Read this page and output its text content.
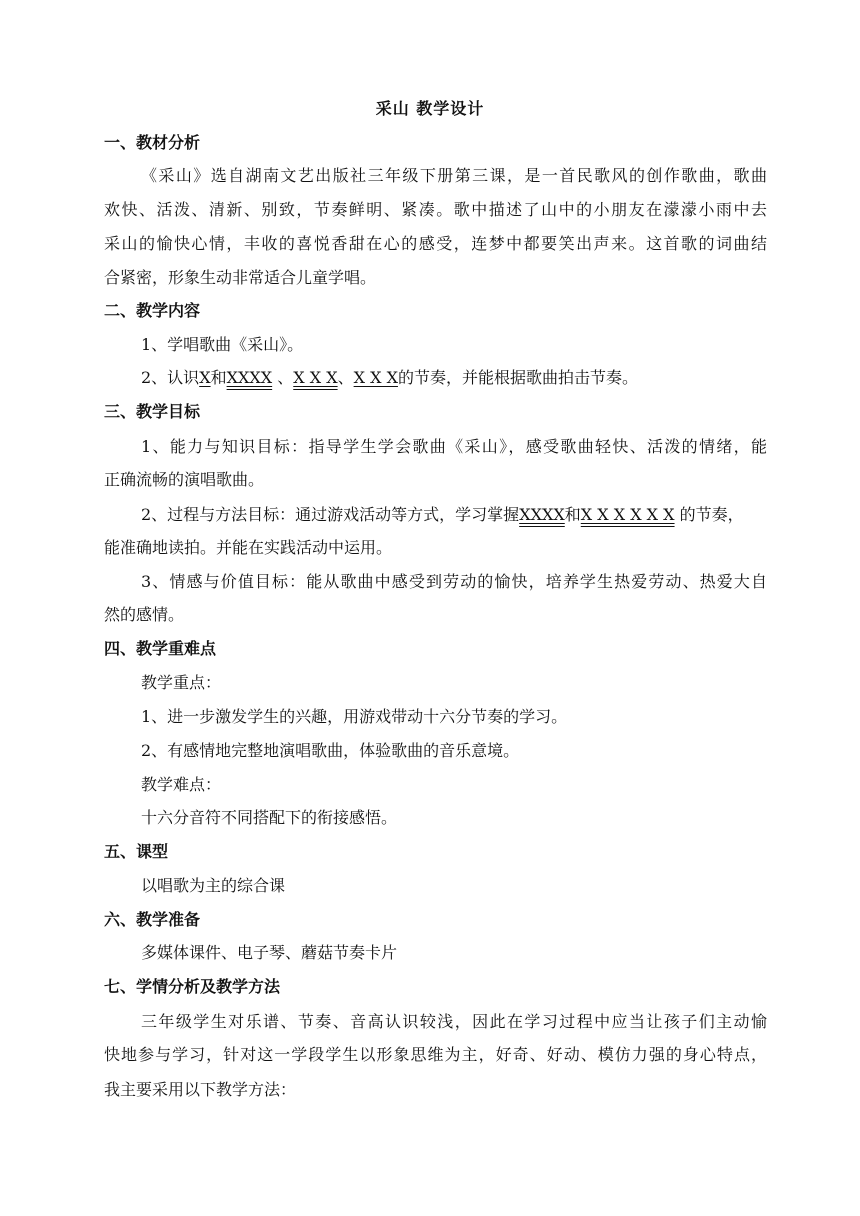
采山 教学设计
一、教材分析
《采山》选自湖南文艺出版社三年级下册第三课，是一首民歌风的创作歌曲，歌曲
欢快、活泼、清新、别致，节奏鲜明、紧凑。歌中描述了山中的小朋友在濛濛小雨中去
采山的愉快心情，丰收的喜悦香甜在心的感受，连梦中都要笑出声来。这首歌的词曲结
合紧密，形象生动非常适合儿童学唱。
二、教学内容
1、学唱歌曲《采山》。
2、认识X和XXXX 、X X X、X X X的节奏，并能根据歌曲拍击节奏。
三、教学目标
1、能力与知识目标：指导学生学会歌曲《采山》，感受歌曲轻快、活泼的情绪，能
正确流畅的演唱歌曲。
2、过程与方法目标：通过游戏活动等方式，学习掌握XXXX和X X X X X X 的节奏，
能准确地读拍。并能在实践活动中运用。
3、情感与价值目标：能从歌曲中感受到劳动的愉快，培养学生热爱劳动、热爱大自
然的感情。
四、教学重难点
教学重点：
1、进一步激发学生的兴趣，用游戏带动十六分节奏的学习。
2、有感情地完整地演唱歌曲，体验歌曲的音乐意境。
教学难点：
十六分音符不同搭配下的衔接感悟。
五、课型
以唱歌为主的综合课
六、教学准备
多媒体课件、电子琴、蘑菇节奏卡片
七、学情分析及教学方法
三年级学生对乐谱、节奏、音高认识较浅，因此在学习过程中应当让孩子们主动愉
快地参与学习，针对这一学段学生以形象思维为主，好奇、好动、模仿力强的身心特点，
我主要采用以下教学方法：
